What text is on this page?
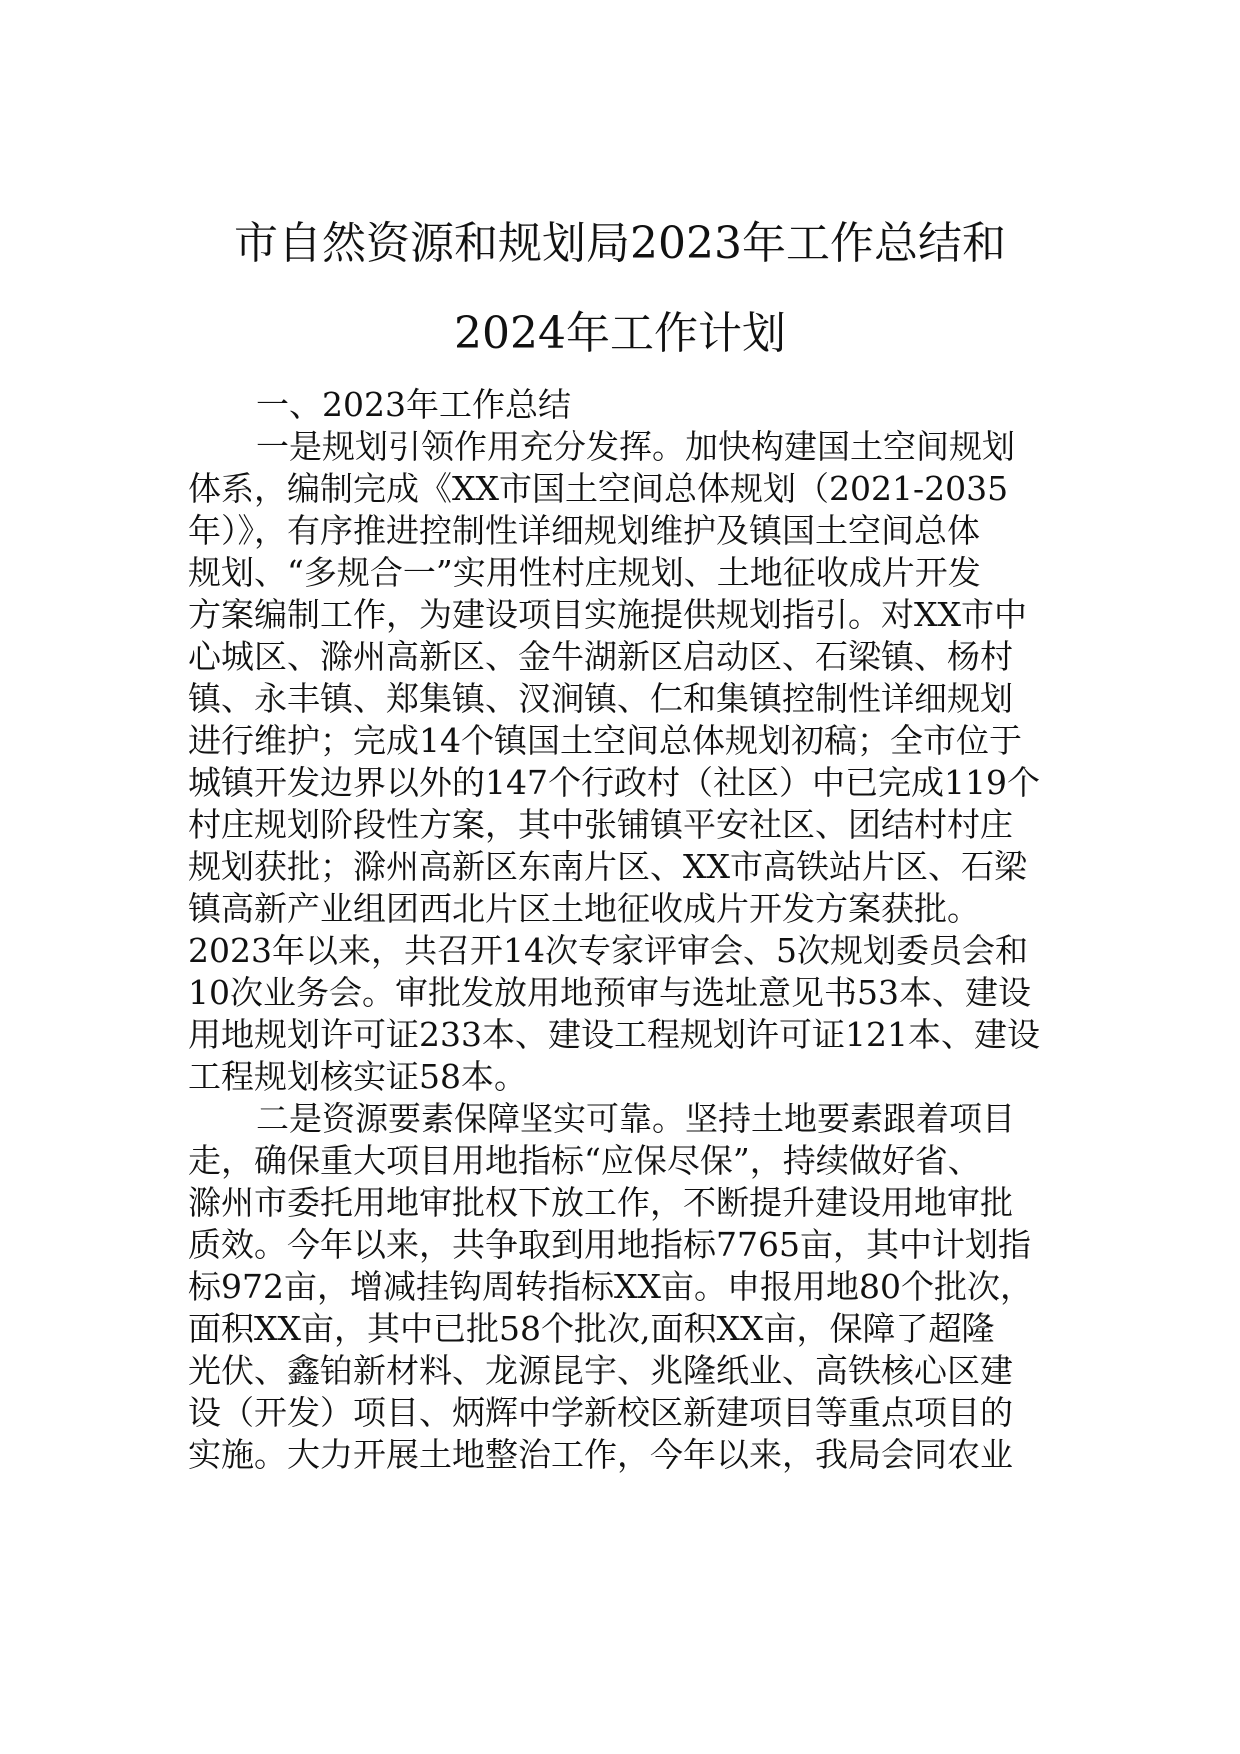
市自然资源和规划局2023年工作总结和
2024年工作计划
一、2023年工作总结
一是规划引领作用充分发挥。加快构建国土空间规划
体系，编制完成《XX市国土空间总体规划（2021-2035
年）》，有序推进控制性详细规划维护及镇国土空间总体
规划、“多规合一”实用性村庄规划、土地征收成片开发
方案编制工作，为建设项目实施提供规划指引。对XX市中
心城区、滁州高新区、金牛湖新区启动区、石梁镇、杨村
镇、永丰镇、郑集镇、汊涧镇、仁和集镇控制性详细规划
进行维护；完成14个镇国土空间总体规划初稿；全市位于
城镇开发边界以外的147个行政村（社区）中已完成119个
村庄规划阶段性方案，其中张铺镇平安社区、团结村村庄
规划获批；滁州高新区东南片区、XX市高铁站片区、石梁
镇高新产业组团西北片区土地征收成片开发方案获批。
2023年以来，共召开14次专家评审会、5次规划委员会和
10次业务会。审批发放用地预审与选址意见书53本、建设
用地规划许可证233本、建设工程规划许可证121本、建设
工程规划核实证58本。
二是资源要素保障坚实可靠。坚持土地要素跟着项目
走，确保重大项目用地指标“应保尽保”，持续做好省、
滁州市委托用地审批权下放工作，不断提升建设用地审批
质效。今年以来，共争取到用地指标7765亩，其中计划指
标972亩，增减挂钩周转指标XX亩。申报用地80个批次，
面积XX亩，其中已批58个批次,面积XX亩，保障了超隆
光伏、鑫铂新材料、龙源昆宇、兆隆纸业、高铁核心区建
设（开发）项目、炳辉中学新校区新建项目等重点项目的
实施。大力开展土地整治工作，今年以来，我局会同农业
